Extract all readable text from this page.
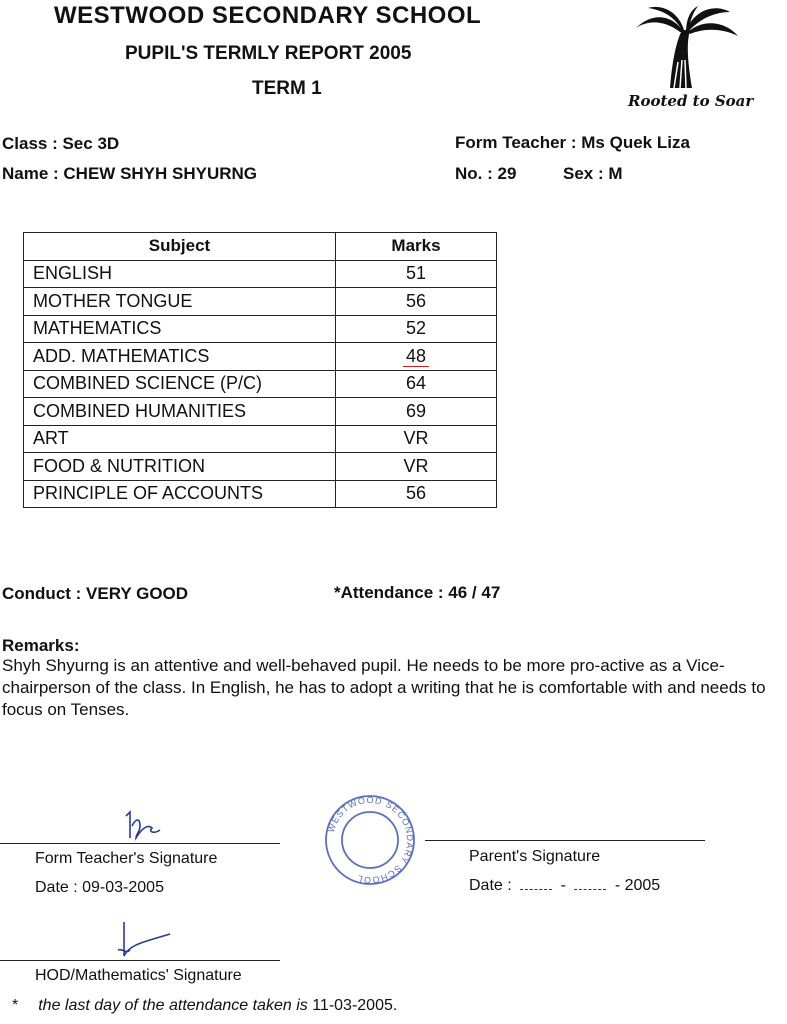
WESTWOOD SECONDARY SCHOOL
PUPIL'S TERMLY REPORT 2005
TERM 1
Rooted to Soar
Class : Sec 3D
Name : CHEW SHYH SHYURNG
Form Teacher : Ms Quek Liza
No. : 29	Sex : M
Subject	Marks
ENGLISH	51
MOTHER TONGUE	56
MATHEMATICS	52
ADD. MATHEMATICS	48
COMBINED SCIENCE (P/C)	64
COMBINED HUMANITIES	69
ART	VR
FOOD & NUTRITION	VR
PRINCIPLE OF ACCOUNTS	56
Conduct : VERY GOOD	*Attendance : 46 / 47
Remarks:
Shyh Shyurng is an attentive and well-behaved pupil. He needs to be more pro-active as a Vice-chairperson of the class. In English, he has to adopt a writing that he is comfortable with and needs to focus on Tenses.
Form Teacher's Signature
Date : 09-03-2005
WESTWOOD SECONDARY SCHOOL
Parent's Signature
Date :	-	- 2005
HOD/Mathematics' Signature
* the last day of the attendance taken is 11-03-2005.
